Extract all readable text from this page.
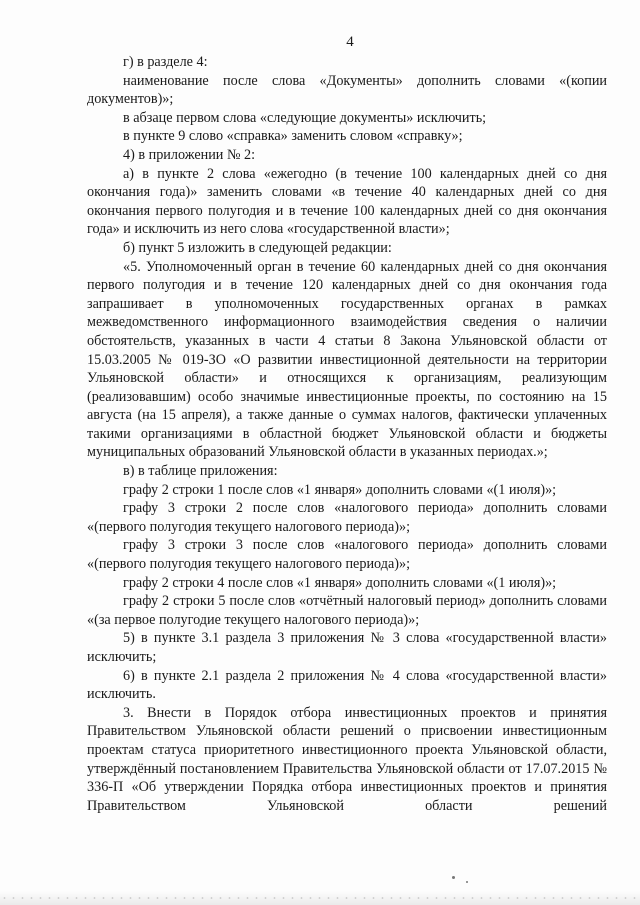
4

г) в разделе 4:

наименование после слова «Документы» дополнить словами «(копии документов)»;

в абзаце первом слова «следующие документы» исключить;

в пункте 9 слово «справка» заменить словом «справку»;

4) в приложении № 2:

а) в пункте 2 слова «ежегодно (в течение 100 календарных дней со дня окончания года)» заменить словами «в течение 40 календарных дней со дня окончания первого полугодия и в течение 100 календарных дней со дня окончания года» и исключить из него слова «государственной власти»;

б) пункт 5 изложить в следующей редакции:

«5. Уполномоченный орган в течение 60 календарных дней со дня окончания первого полугодия и в течение 120 календарных дней со дня окончания года запрашивает в уполномоченных государственных органах в рамках межведомственного информационного взаимодействия сведения о наличии обстоятельств, указанных в части 4 статьи 8 Закона Ульяновской области от 15.03.2005 № 019-ЗО «О развитии инвестиционной деятельности на территории Ульяновской области» и относящихся к организациям, реализующим (реализовавшим) особо значимые инвестиционные проекты, по состоянию на 15 августа (на 15 апреля), а также данные о суммах налогов, фактически уплаченных такими организациями в областной бюджет Ульяновской области и бюджеты муниципальных образований Ульяновской области в указанных периодах.»;

в) в таблице приложения:

графу 2 строки 1 после слов «1 января» дополнить словами «(1 июля)»;

графу 3 строки 2 после слов «налогового периода» дополнить словами «(первого полугодия текущего налогового периода)»;

графу 3 строки 3 после слов «налогового периода» дополнить словами «(первого полугодия текущего налогового периода)»;

графу 2 строки 4 после слов «1 января» дополнить словами «(1 июля)»;

графу 2 строки 5 после слов «отчётный налоговый период» дополнить словами «(за первое полугодие текущего налогового периода)»;

5) в пункте 3.1 раздела 3 приложения № 3 слова «государственной власти» исключить;

6) в пункте 2.1 раздела 2 приложения № 4 слова «государственной власти» исключить.

3. Внести в Порядок отбора инвестиционных проектов и принятия Правительством Ульяновской области решений о присвоении инвестиционным проектам статуса приоритетного инвестиционного проекта Ульяновской области, утверждённый постановлением Правительства Ульяновской области от 17.07.2015 № 336-П «Об утверждении Порядка отбора инвестиционных проектов и принятия Правительством Ульяновской области решений
